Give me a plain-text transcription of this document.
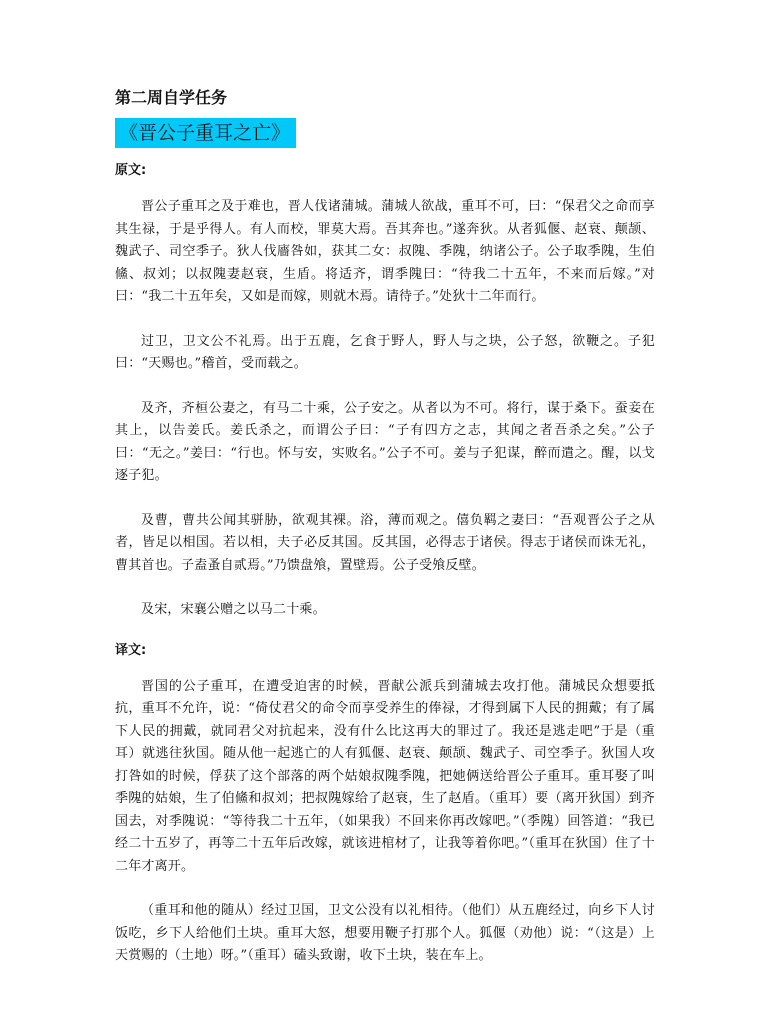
第二周自学任务
《晋公子重耳之亡》
原文:
晋公子重耳之及于难也，晋人伐诸蒲城。蒲城人欲战，重耳不可，曰：“保君父之命而享其生禄，于是乎得人。有人而校，罪莫大焉。吾其奔也。”遂奔狄。从者狐偃、赵衰、颠颉、魏武子、司空季子。狄人伐廧咎如，获其二女：叔隗、季隗，纳诸公子。公子取季隗，生伯鯈、叔刘；以叔隗妻赵衰，生盾。将适齐，谓季隗曰：“待我二十五年，不来而后嫁。”对曰：“我二十五年矣，又如是而嫁，则就木焉。请待子。”处狄十二年而行。
过卫，卫文公不礼焉。出于五鹿，乞食于野人，野人与之块，公子怒，欲鞭之。子犯曰：“天赐也。”稽首，受而载之。
及齐，齐桓公妻之，有马二十乘，公子安之。从者以为不可。将行，谋于桑下。蚕妾在其上，以告姜氏。姜氏杀之，而谓公子曰：“子有四方之志，其闻之者吾杀之矣。”公子曰：“无之。”姜曰：“行也。怀与安，实败名。”公子不可。姜与子犯谋，醉而遣之。醒，以戈逐子犯。
及曹，曹共公闻其骈胁，欲观其裸。浴，薄而观之。僖负羁之妻曰：“吾观晋公子之从者，皆足以相国。若以相，夫子必反其国。反其国，必得志于诸侯。得志于诸侯而诛无礼，曹其首也。子盍蚤自贰焉。”乃馈盘飧，置壁焉。公子受飧反壁。
及宋，宋襄公赠之以马二十乘。
译文:
晋国的公子重耳，在遭受迫害的时候，晋献公派兵到蒲城去攻打他。蒲城民众想要抵抗，重耳不允许，说：“倚仗君父的命令而享受养生的俸禄，才得到属下人民的拥戴；有了属下人民的拥戴，就同君父对抗起来，没有什么比这再大的罪过了。我还是逃走吧”于是（重耳）就逃往狄国。随从他一起逃亡的人有狐偃、赵衰、颠颉、魏武子、司空季子。狄国人攻打咎如的时候，俘获了这个部落的两个姑娘叔隗季隗，把她俩送给晋公子重耳。重耳娶了叫季隗的姑娘，生了伯鯈和叔刘；把叔隗嫁给了赵衰，生了赵盾。（重耳）要（离开狄国）到齐国去，对季隗说：“等待我二十五年，（如果我）不回来你再改嫁吧。”（季隗）回答道：“我已经二十五岁了，再等二十五年后改嫁，就该进棺材了，让我等着你吧。”（重耳在狄国）住了十二年才离开。
（重耳和他的随从）经过卫国，卫文公没有以礼相待。（他们）从五鹿经过，向乡下人讨饭吃，乡下人给他们土块。重耳大怒，想要用鞭子打那个人。狐偃（劝他）说：“（这是）上天赏赐的（土地）呀。”（重耳）磕头致谢，收下土块，装在车上。
